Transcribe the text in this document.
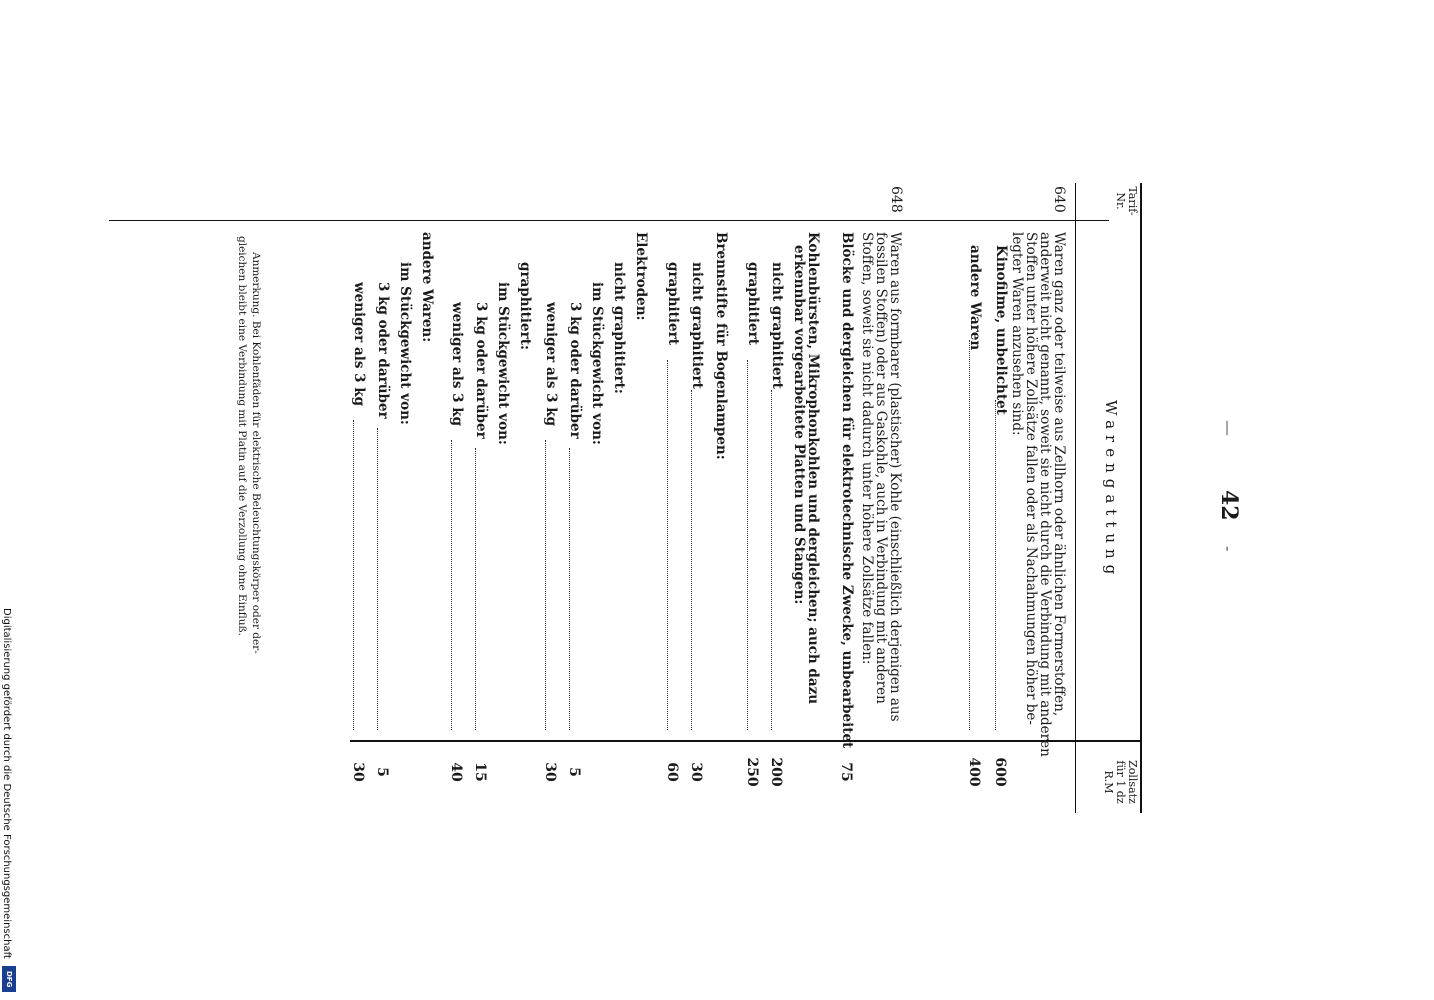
Digitalisierung gefördert durch die Deutsche Forschungsgemeinschaft
DFG
42
—
-
Tarif-
Nr.
Warengattung
Zollsatz
für 1 dz
R.M
640
Waren ganz oder teilweise aus Zellhorn oder ähnlichen Formerstoffen,
anderweit nicht genannt, soweit sie nicht durch die Verbindung mit anderen
Stoffen unter höhere Zollsätze fallen oder als Nachahmungen höher be-
legter Waren anzusehen sind:
Kinofilme, unbelichtet
600
andere Waren
400
648
Waren aus formbarer (plastischer) Kohle (einschließlich derjenigen aus
fossilen Stoffen) oder aus Gaskohle, auch in Verbindung mit anderen
Stoffen, soweit sie nicht dadurch unter höhere Zollsätze fallen:
Blöcke und dergleichen für elektrotechnische Zwecke, unbearbeitet
75
Kohlenbürsten, Mikrophonkohlen und dergleichen; auch dazu
erkennbar vorgearbeitete Platten und Stangen:
nicht graphitiert
200
graphitiert
250
Brennstifte für Bogenlampen:
nicht graphitiert
30
graphitiert
60
Elektroden:
nicht graphitiert:
im Stückgewicht von:
3 kg oder darüber
5
weniger als 3 kg
30
graphitiert:
im Stückgewicht von:
3 kg oder darüber
15
weniger als 3 kg
40
andere Waren:
im Stückgewicht von:
3 kg oder darüber
5
weniger als 3 kg
30
Anmerkung. Bei Kohlenfäden für elektrische Beleuchtungskörper oder der-
gleichen bleibt eine Verbindung mit Platin auf die Verzollung ohne Einfluß.
